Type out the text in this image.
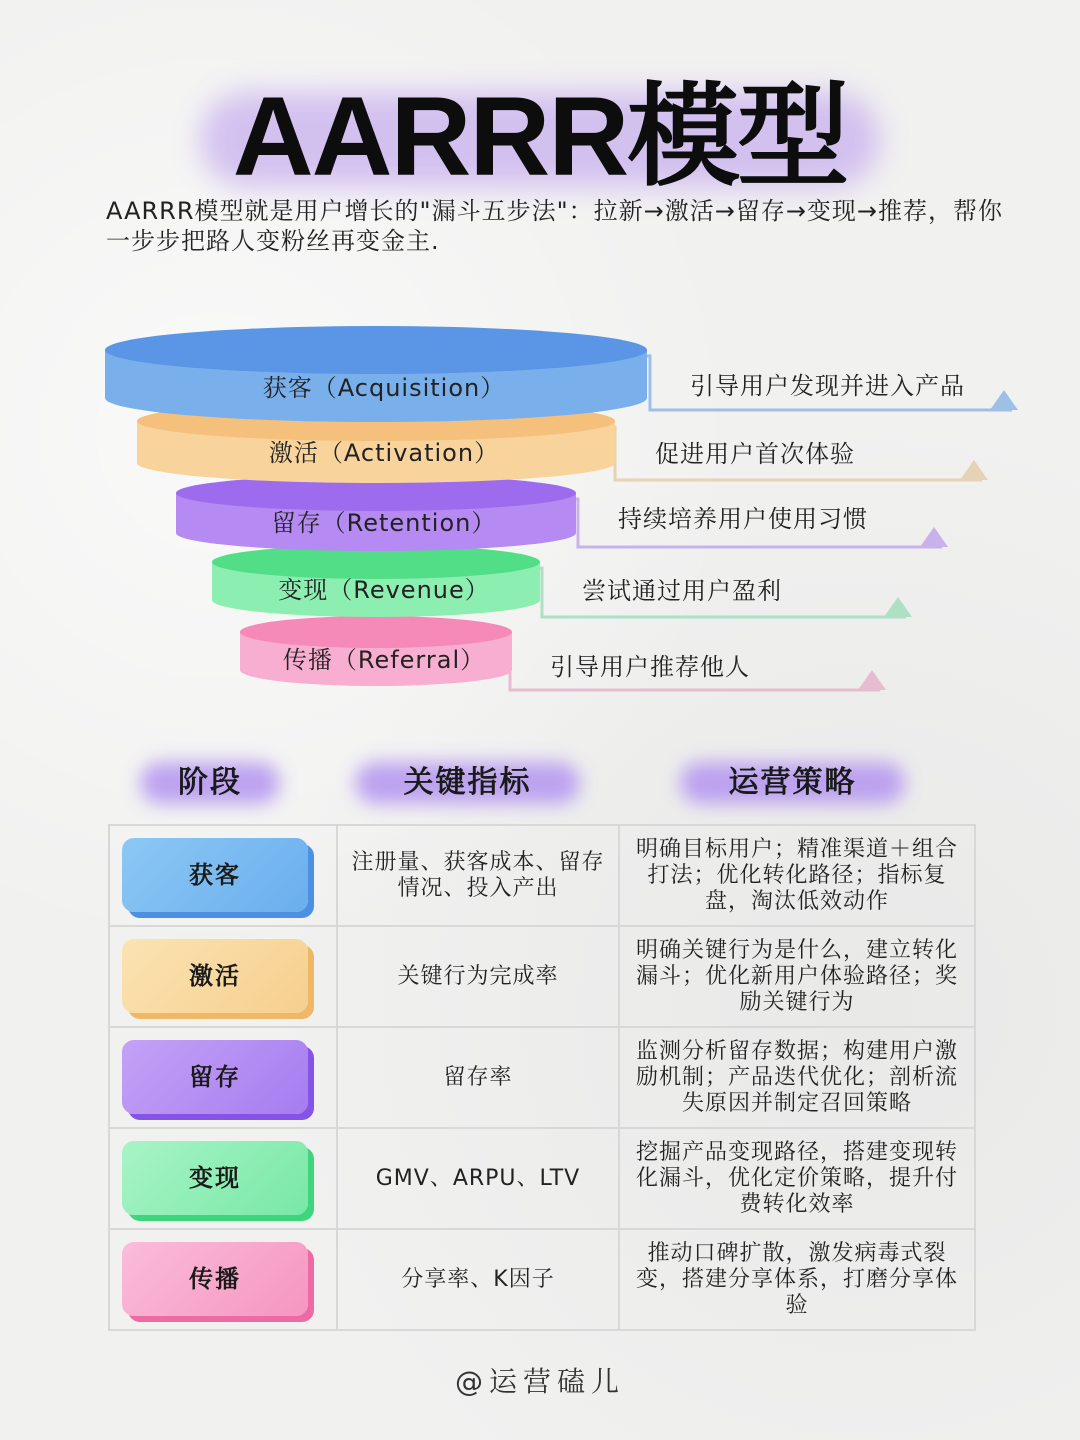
AARRR模型
AARRR模型就是用户增长的"漏斗五步法"：拉新→激活→留存→变现→推荐，帮你一步步把路人变粉丝再变金主.
传播（Referral）	引导用户推荐他人
变现（Revenue）	尝试通过用户盈利
留存（Retention）	持续培养用户使用习惯
激活（Activation）	促进用户首次体验
获客（Acquisition）	引导用户发现并进入产品
阶段	关键指标	运营策略
获客	注册量、获客成本、留存情况、投入产出	明确目标用户；精准渠道＋组合打法；优化转化路径；指标复盘，淘汰低效动作

激活	关键行为完成率	明确关键行为是什么，建立转化漏斗；优化新用户体验路径；奖励关键行为

留存	留存率	监测分析留存数据；构建用户激励机制；产品迭代优化；剖析流失原因并制定召回策略

变现	GMV、ARPU、LTV	挖掘产品变现路径，搭建变现转化漏斗，优化定价策略，提升付费转化效率

传播	分享率、K因子	推动口碑扩散，激发病毒式裂变，搭建分享体系，打磨分享体验
@运营磕儿
